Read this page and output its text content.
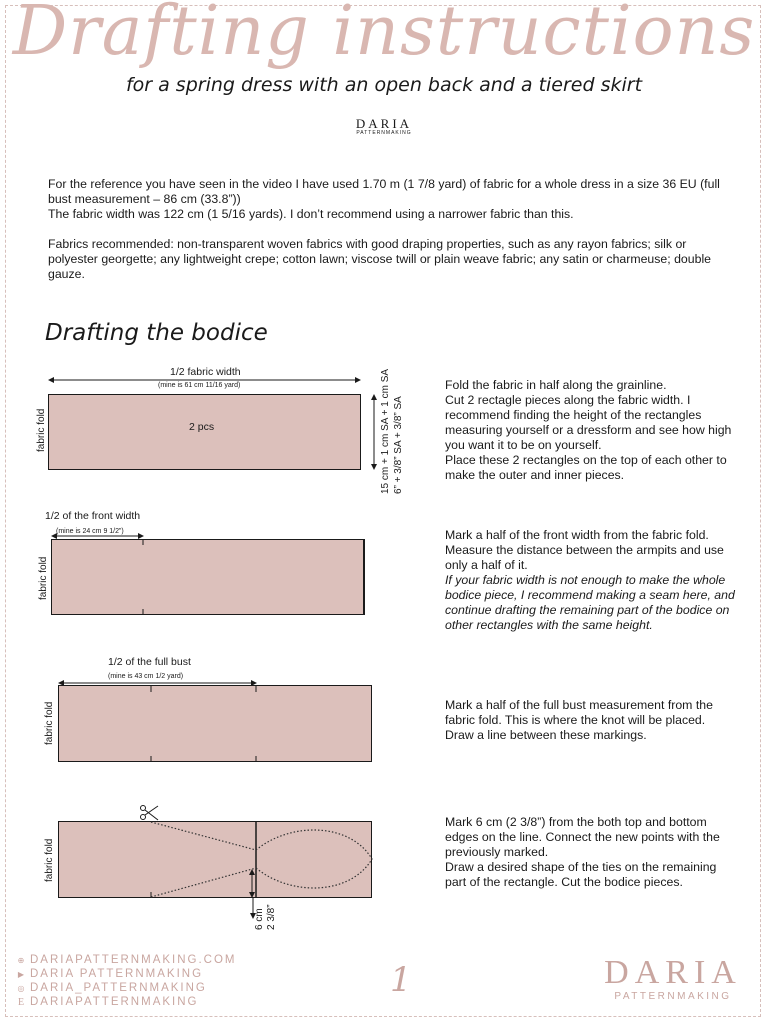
Drafting instructions
for a spring dress with an open back and a tiered skirt
DARIA
PATTERNMAKING

For the reference you have seen in the video I have used 1.70 m (1 7/8 yard) of fabric for a whole dress in a size 36 EU (full bust measurement – 86 cm (33.8”))

The fabric width was 122 cm (1 5/16 yards). I don’t recommend using a narrower fabric than this.

Fabrics recommended: non-transparent woven fabrics with good draping properties, such as any rayon fabrics; silk or polyester georgette; any lightweight crepe; cotton lawn; viscose twill or plain weave fabric; any satin or charmeuse; double gauze.

Drafting the bodice
fabric fold
1/2 fabric width
(mine is 61 cm 11/16 yard)
2 pcs	15 cm + 1 cm SA + 1 cm SA 6” + 3/8” SA + 3/8” SA
fabric fold
1/2 of the front width
(mine is 24 cm 9 1/2”)
fabric fold
1/2 of the full bust
(mine is 43 cm 1/2 yard)
fabric fold
6 cm 2 3/8”

Fold the fabric in half along the grainline.
Cut 2 rectagle pieces along the fabric width. I recommend finding the height of the rectangles measuring yourself or a dressform and see how high you want it to be on yourself.
Place these 2 rectangles on the top of each other to make the outer and inner pieces.

Mark a half of the front width from the fabric fold. Measure the distance between the armpits and use only a half of it.

If your fabric width is not enough to make the whole bodice piece, I recommend making a seam here, and continue drafting the remaining part of the bodice on other rectangles with the same height.

Mark a half of the full bust measurement from the fabric fold. This is where the knot will be placed. Draw a line between these markings.

Mark 6 cm (2 3/8”) from the both top and bottom edges on the line. Connect the new points with the previously marked.
Draw a desired shape of the ties on the remaining part of the rectangle. Cut the bodice pieces.

⊕ DARIAPATTERNMAKING.COM
▶ DARIA PATTERNMAKING
◎ DARIA_PATTERNMAKING
E DARIAPATTERNMAKING
1	DARIA
PATTERNMAKING
